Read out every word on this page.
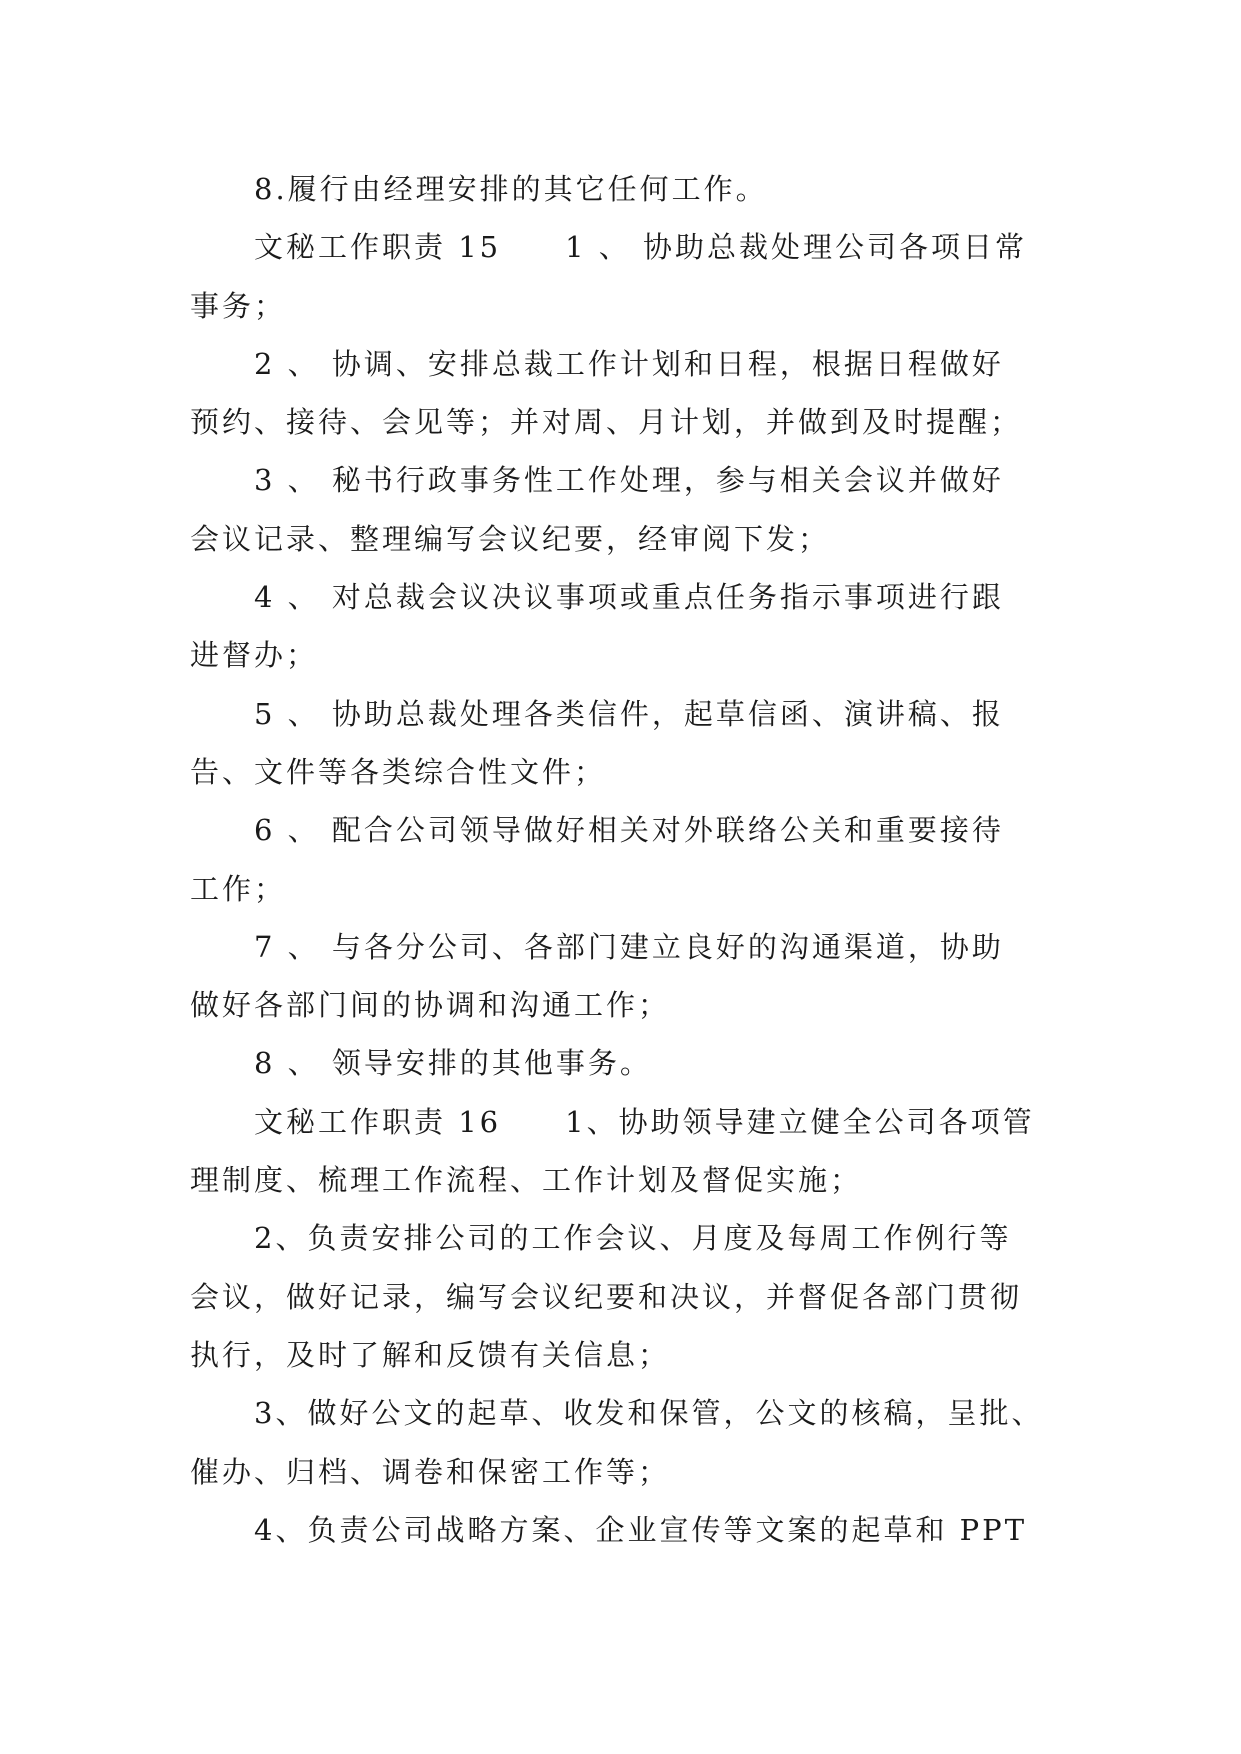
8.履行由经理安排的其它任何工作。
文秘工作职责 15　　1 、 协助总裁处理公司各项日常
事务；
2 、 协调、安排总裁工作计划和日程，根据日程做好
预约、接待、会见等；并对周、月计划，并做到及时提醒；
3 、 秘书行政事务性工作处理，参与相关会议并做好
会议记录、整理编写会议纪要，经审阅下发；
4 、 对总裁会议决议事项或重点任务指示事项进行跟
进督办；
5 、 协助总裁处理各类信件，起草信函、演讲稿、报
告、文件等各类综合性文件；
6 、 配合公司领导做好相关对外联络公关和重要接待
工作；
7 、 与各分公司、各部门建立良好的沟通渠道，协助
做好各部门间的协调和沟通工作；
8 、 领导安排的其他事务。
文秘工作职责 16　　1、协助领导建立健全公司各项管
理制度、梳理工作流程、工作计划及督促实施；
2、负责安排公司的工作会议、月度及每周工作例行等
会议，做好记录，编写会议纪要和决议，并督促各部门贯彻
执行，及时了解和反馈有关信息；
3、做好公文的起草、收发和保管，公文的核稿，呈批、
催办、归档、调卷和保密工作等；
4、负责公司战略方案、企业宣传等文案的起草和 PPT
